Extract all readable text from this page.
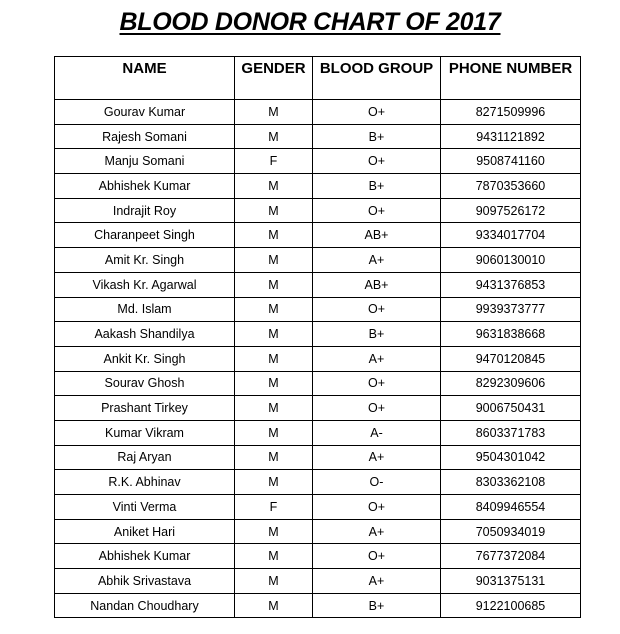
BLOOD DONOR CHART OF 2017
NAME	GENDER	BLOOD GROUP	PHONE NUMBER
Gourav Kumar	M	O+	8271509996
Rajesh Somani	M	B+	9431121892
Manju Somani	F	O+	9508741160
Abhishek Kumar	M	B+	7870353660
Indrajit Roy	M	O+	9097526172
Charanpeet Singh	M	AB+	9334017704
Amit Kr. Singh	M	A+	9060130010
Vikash Kr. Agarwal	M	AB+	9431376853
Md. Islam	M	O+	9939373777
Aakash Shandilya	M	B+	9631838668
Ankit Kr. Singh	M	A+	9470120845
Sourav Ghosh	M	O+	8292309606
Prashant Tirkey	M	O+	9006750431
Kumar Vikram	M	A-	8603371783
Raj Aryan	M	A+	9504301042
R.K. Abhinav	M	O-	8303362108
Vinti Verma	F	O+	8409946554
Aniket Hari	M	A+	7050934019
Abhishek Kumar	M	O+	7677372084
Abhik Srivastava	M	A+	9031375131
Nandan Choudhary	M	B+	9122100685
